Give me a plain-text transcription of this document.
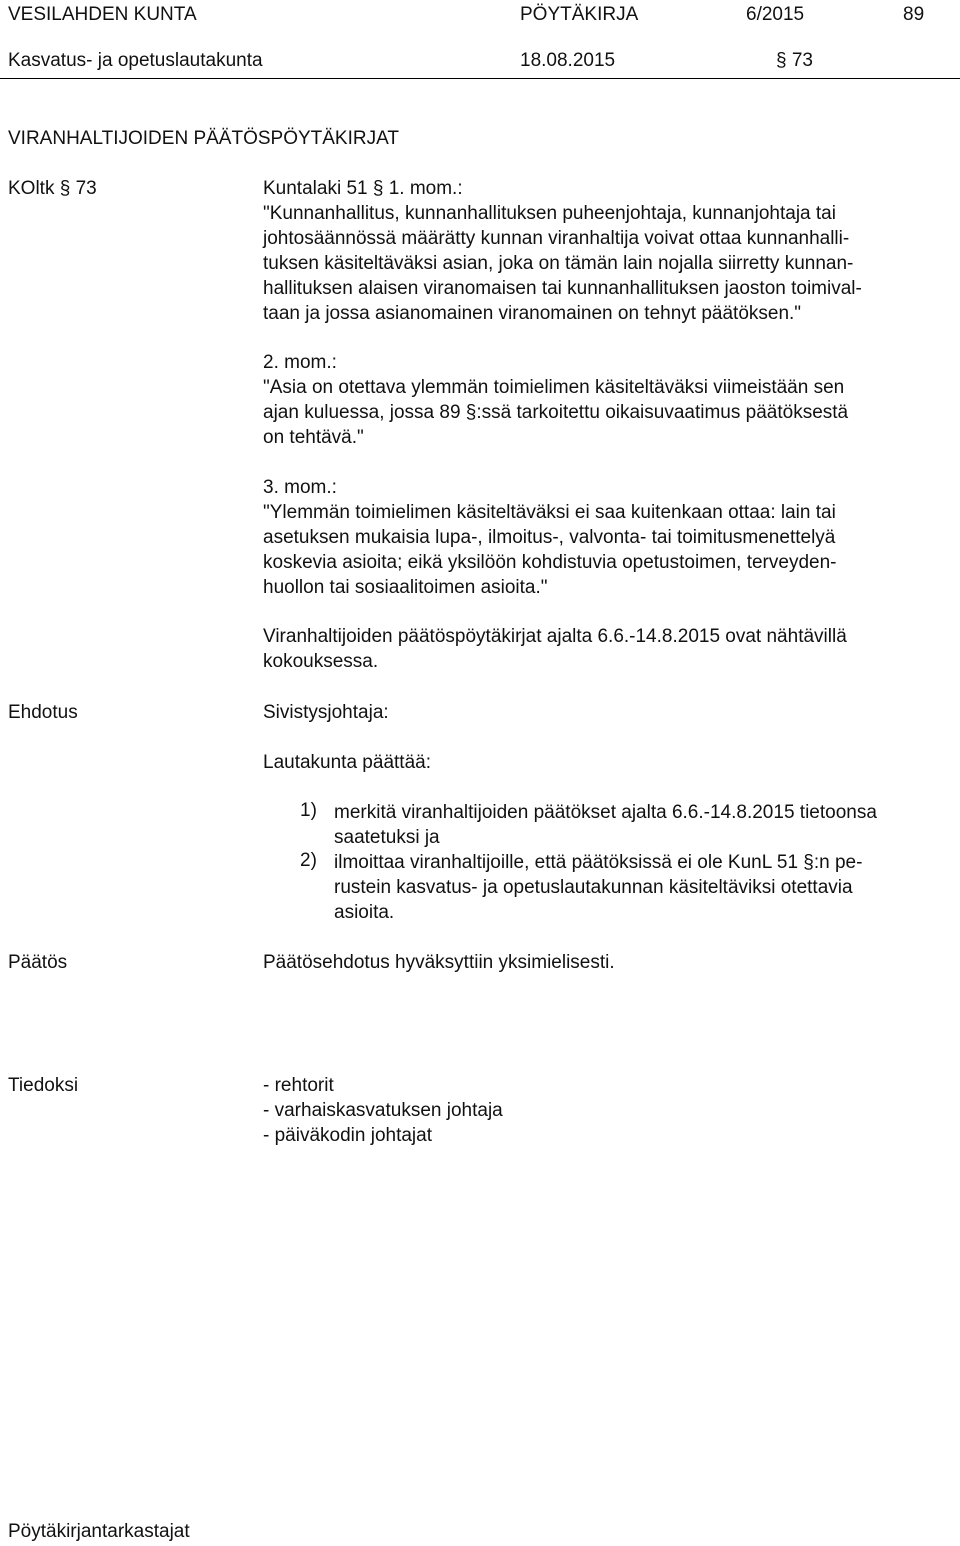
VESILAHDEN KUNTA	PÖYTÄKIRJA	6/2015	89
Kasvatus- ja opetuslautakunta	18.08.2015	§ 73
VIRANHALTIJOIDEN PÄÄTÖSPÖYTÄKIRJAT
KOltk § 73	Kuntalaki 51 § 1. mom.:
"Kunnanhallitus, kunnanhallituksen puheenjohtaja, kunnanjohtaja tai
johtosäännössä määrätty kunnan viranhaltija voivat ottaa kunnanhalli-
tuksen käsiteltäväksi asian, joka on tämän lain nojalla siirretty kunnan-
hallituksen alaisen viranomaisen tai kunnanhallituksen jaoston toimival-
taan ja jossa asianomainen viranomainen on tehnyt päätöksen."
2. mom.:
"Asia on otettava ylemmän toimielimen käsiteltäväksi viimeistään sen
ajan kuluessa, jossa 89 §:ssä tarkoitettu oikaisuvaatimus päätöksestä
on tehtävä."
3. mom.:
"Ylemmän toimielimen käsiteltäväksi ei saa kuitenkaan ottaa: lain tai
asetuksen mukaisia lupa-, ilmoitus-, valvonta- tai toimitusmenettelyä
koskevia asioita; eikä yksilöön kohdistuvia opetustoimen, terveyden-
huollon tai sosiaalitoimen asioita."
Viranhaltijoiden päätöspöytäkirjat ajalta 6.6.-14.8.2015 ovat nähtävillä
kokouksessa.
Ehdotus	Sivistysjohtaja:
Lautakunta päättää:
1) merkitä viranhaltijoiden päätökset ajalta 6.6.-14.8.2015 tietoonsa
saatetuksi ja
2) ilmoittaa viranhaltijoille, että päätöksissä ei ole KunL 51 §:n pe-
rustein kasvatus- ja opetuslautakunnan käsiteltäviksi otettavia
asioita.
Päätös	Päätösehdotus hyväksyttiin yksimielisesti.
Tiedoksi	- rehtorit
- varhaiskasvatuksen johtaja
- päiväkodin johtajat
Pöytäkirjantarkastajat
